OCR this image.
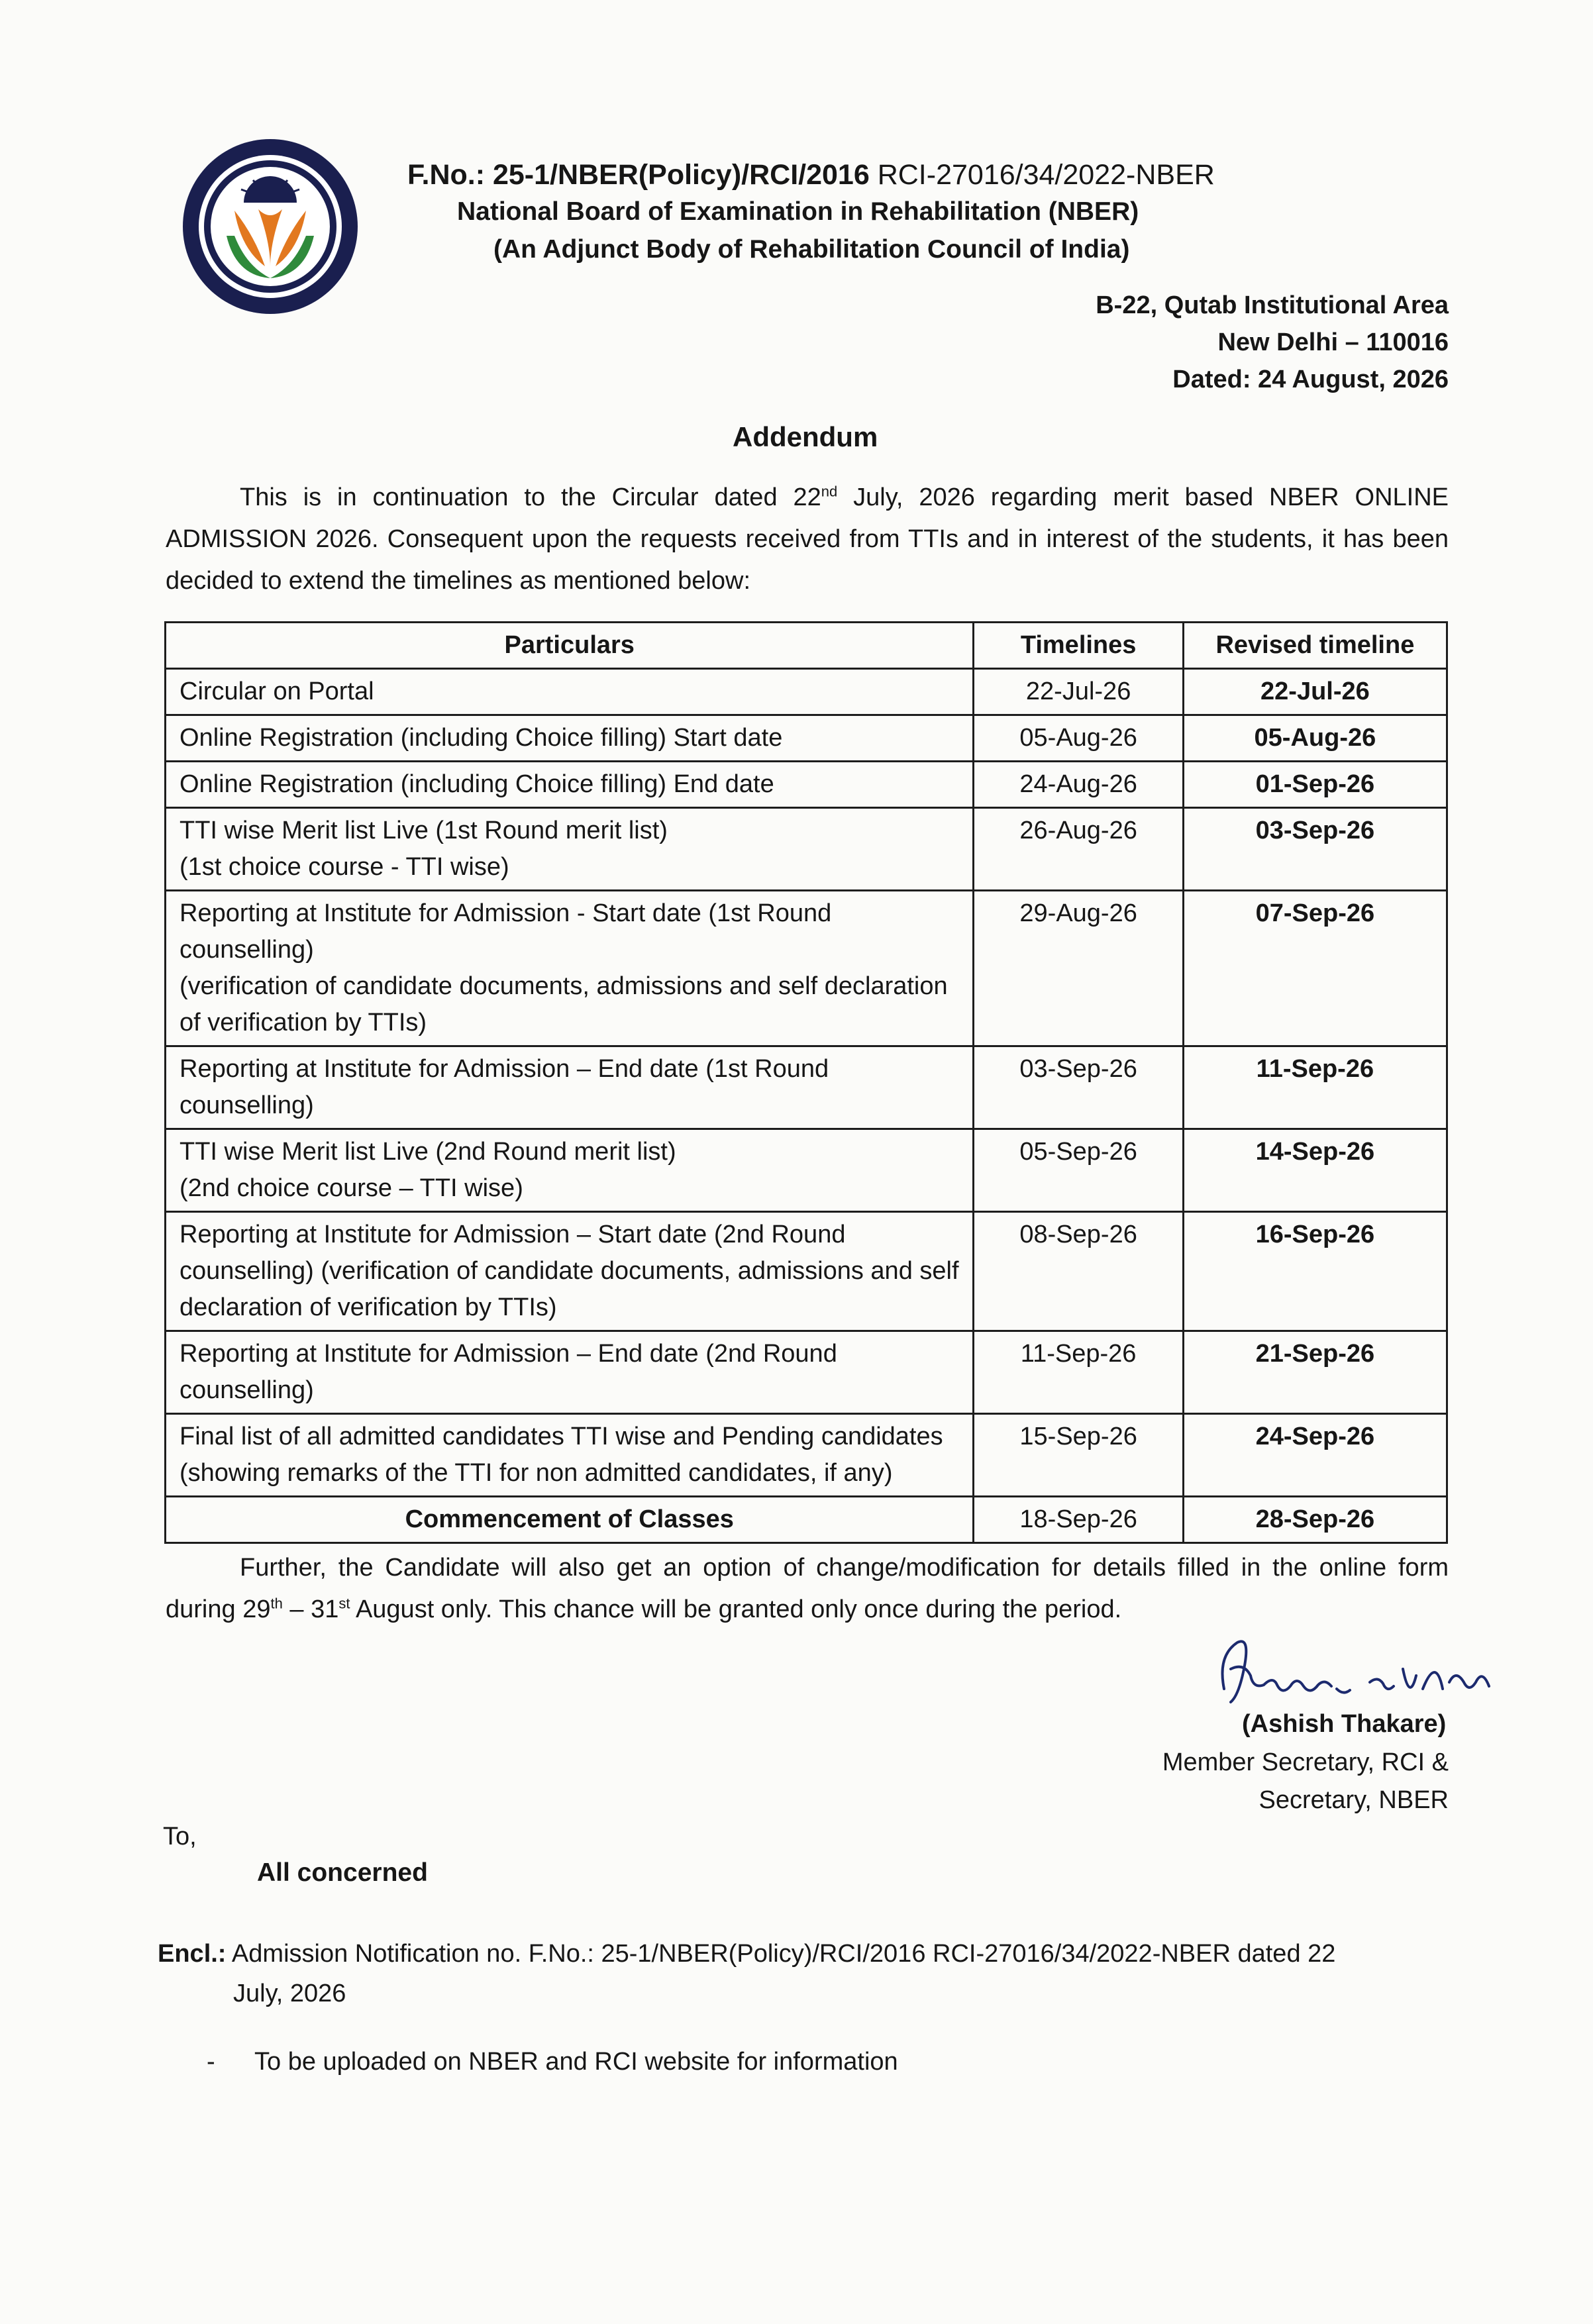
F.No.: 25-1/NBER(Policy)/RCI/2016 RCI-27016/34/2022-NBER
National Board of Examination in Rehabilitation (NBER)
(An Adjunct Body of Rehabilitation Council of India)
B-22, Qutab Institutional Area
New Delhi – 110016
Dated: 24 August, 2026
Addendum
This is in continuation to the Circular dated 22nd July, 2026 regarding merit based NBER ONLINE ADMISSION 2026. Consequent upon the requests received from TTIs and in interest of the students, it has been decided to extend the timelines as mentioned below:
Particulars	Timelines	Revised timeline

Circular on Portal	22-Jul-26	22-Jul-26

Online Registration (including Choice filling) Start date	05-Aug-26	05-Aug-26

Online Registration (including Choice filling) End date	24-Aug-26	01-Sep-26

TTI wise Merit list Live (1st Round merit list)
(1st choice course - TTI wise)	26-Aug-26	03-Sep-26

Reporting at Institute for Admission - Start date (1st Round counselling)
(verification of candidate documents, admissions and self declaration of verification by TTIs)	29-Aug-26	07-Sep-26

Reporting at Institute for Admission – End date (1st Round counselling)	03-Sep-26	11-Sep-26

TTI wise Merit list Live (2nd Round merit list)
(2nd choice course – TTI wise)	05-Sep-26	14-Sep-26

Reporting at Institute for Admission – Start date (2nd Round counselling) (verification of candidate documents, admissions and self declaration of verification by TTIs)	08-Sep-26	16-Sep-26

Reporting at Institute for Admission – End date (2nd Round counselling)	11-Sep-26	21-Sep-26

Final list of all admitted candidates TTI wise and Pending candidates
(showing remarks of the TTI for non admitted candidates, if any)	15-Sep-26	24-Sep-26

Commencement of Classes	18-Sep-26	28-Sep-26
Further, the Candidate will also get an option of change/modification for details filled in the online form during 29th – 31st August only. This chance will be granted only once during the period.
(Ashish Thakare)
Member Secretary, RCI &
Secretary, NBER
To,
All concerned
Encl.: Admission Notification no. F.No.: 25-1/NBER(Policy)/RCI/2016 RCI-27016/34/2022-NBER dated 22
July, 2026
- To be uploaded on NBER and RCI website for information
